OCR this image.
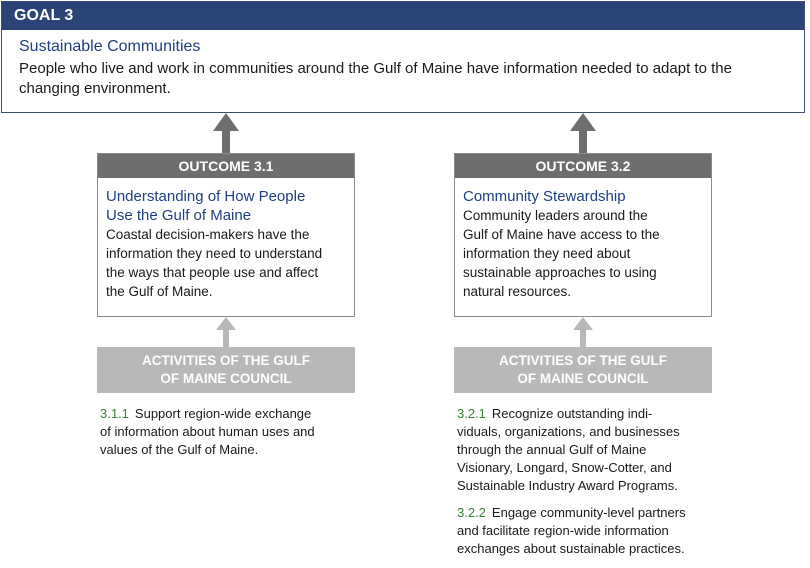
GOAL 3
Sustainable Communities
People who live and work in communities around the Gulf of Maine have information needed to adapt to the changing environment.
OUTCOME 3.1
Understanding of How People
Use the Gulf of Maine
Coastal decision-makers have the
information they need to understand
the ways that people use and affect
the Gulf of Maine.
OUTCOME 3.2
Community Stewardship
Community leaders around the
Gulf of Maine have access to the
information they need about
sustainable approaches to using
natural resources.
ACTIVITIES OF THE GULF
OF MAINE COUNCIL
ACTIVITIES OF THE GULF
OF MAINE COUNCIL
3.1.1 Support region-wide exchange
of information about human uses and
values of the Gulf of Maine.
3.2.1 Recognize outstanding indi-
viduals, organizations, and businesses
through the annual Gulf of Maine
Visionary, Longard, Snow-Cotter, and
Sustainable Industry Award Programs.
3.2.2 Engage community-level partners
and facilitate region-wide information
exchanges about sustainable practices.
